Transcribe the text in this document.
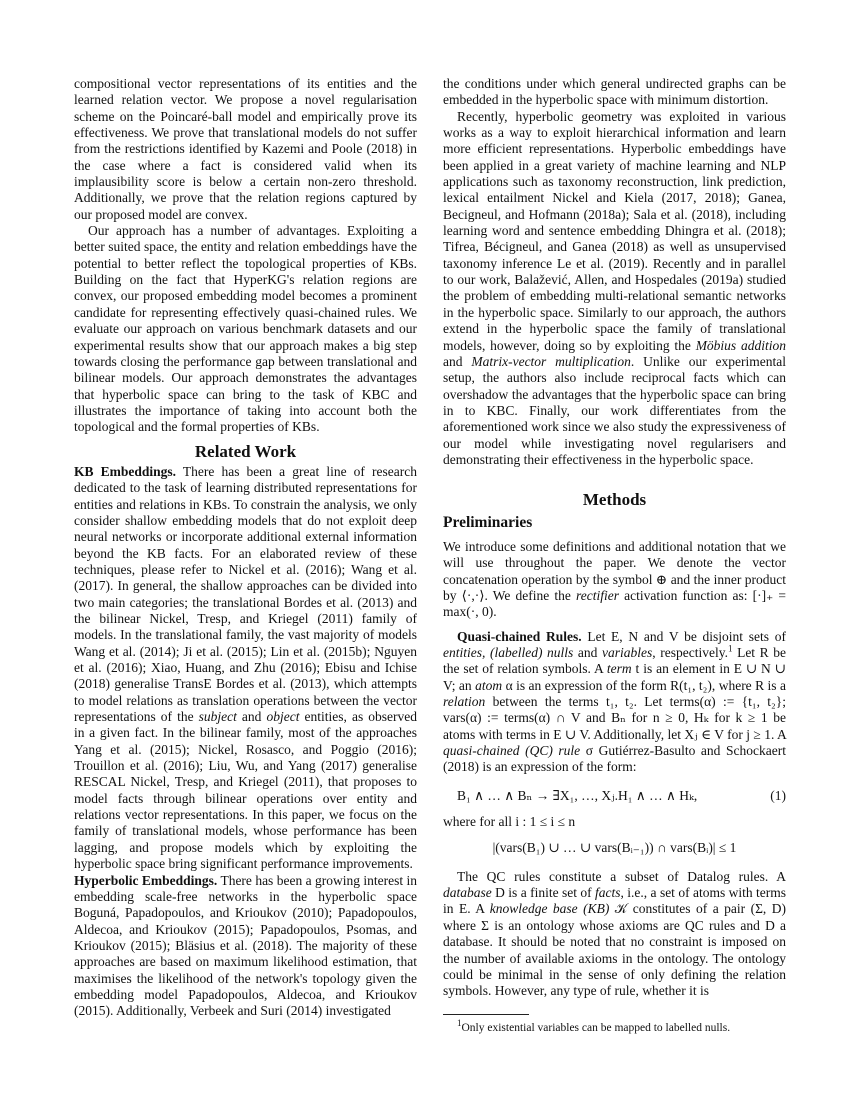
compositional vector representations of its entities and the learned relation vector. We propose a novel regularisation scheme on the Poincaré-ball model and empirically prove its effectiveness. We prove that translational models do not suffer from the restrictions identified by Kazemi and Poole (2018) in the case where a fact is considered valid when its implausibility score is below a certain non-zero threshold. Additionally, we prove that the relation regions captured by our proposed model are convex.

Our approach has a number of advantages. Exploiting a better suited space, the entity and relation embeddings have the potential to better reflect the topological properties of KBs. Building on the fact that HyperKG's relation regions are convex, our proposed embedding model becomes a prominent candidate for representing effectively quasi-chained rules. We evaluate our approach on various benchmark datasets and our experimental results show that our approach makes a big step towards closing the performance gap between translational and bilinear models. Our approach demonstrates the advantages that hyperbolic space can bring to the task of KBC and illustrates the importance of taking into account both the topological and the formal properties of KBs.

Related Work

KB Embeddings. There has been a great line of research dedicated to the task of learning distributed representations for entities and relations in KBs. To constrain the analysis, we only consider shallow embedding models that do not exploit deep neural networks or incorporate additional external information beyond the KB facts. For an elaborated review of these techniques, please refer to Nickel et al. (2016); Wang et al. (2017). In general, the shallow approaches can be divided into two main categories; the translational Bordes et al. (2013) and the bilinear Nickel, Tresp, and Kriegel (2011) family of models. In the translational family, the vast majority of models Wang et al. (2014); Ji et al. (2015); Lin et al. (2015b); Nguyen et al. (2016); Xiao, Huang, and Zhu (2016); Ebisu and Ichise (2018) generalise TransE Bordes et al. (2013), which attempts to model relations as translation operations between the vector representations of the subject and object entities, as observed in a given fact. In the bilinear family, most of the approaches Yang et al. (2015); Nickel, Rosasco, and Poggio (2016); Trouillon et al. (2016); Liu, Wu, and Yang (2017) generalise RESCAL Nickel, Tresp, and Kriegel (2011), that proposes to model facts through bilinear operations over entity and relations vector representations. In this paper, we focus on the family of translational models, whose performance has been lagging, and propose models which by exploiting the hyperbolic space bring significant performance improvements.

Hyperbolic Embeddings. There has been a growing interest in embedding scale-free networks in the hyperbolic space Boguná, Papadopoulos, and Krioukov (2010); Papadopoulos, Aldecoa, and Krioukov (2015); Papadopoulos, Psomas, and Krioukov (2015); Bläsius et al. (2018). The majority of these approaches are based on maximum likelihood estimation, that maximises the likelihood of the network's topology given the embedding model Papadopoulos, Aldecoa, and Krioukov (2015). Additionally, Verbeek and Suri (2014) investigated

the conditions under which general undirected graphs can be embedded in the hyperbolic space with minimum distortion.

Recently, hyperbolic geometry was exploited in various works as a way to exploit hierarchical information and learn more efficient representations. Hyperbolic embeddings have been applied in a great variety of machine learning and NLP applications such as taxonomy reconstruction, link prediction, lexical entailment Nickel and Kiela (2017, 2018); Ganea, Becigneul, and Hofmann (2018a); Sala et al. (2018), including learning word and sentence embedding Dhingra et al. (2018); Tifrea, Bécigneul, and Ganea (2018) as well as unsupervised taxonomy inference Le et al. (2019). Recently and in parallel to our work, Balažević, Allen, and Hospedales (2019a) studied the problem of embedding multi-relational semantic networks in the hyperbolic space. Similarly to our approach, the authors extend in the hyperbolic space the family of translational models, however, doing so by exploiting the Möbius addition and Matrix-vector multiplication. Unlike our experimental setup, the authors also include reciprocal facts which can overshadow the advantages that the hyperbolic space can bring in to KBC. Finally, our work differentiates from the aforementioned work since we also study the expressiveness of our model while investigating novel regularisers and demonstrating their effectiveness in the hyperbolic space.

Methods
Preliminaries

We introduce some definitions and additional notation that we will use throughout the paper. We denote the vector concatenation operation by the symbol ⊕ and the inner product by ⟨·,·⟩. We define the rectifier activation function as: [·]₊ = max(·, 0).

Quasi-chained Rules. Let E, N and V be disjoint sets of entities, (labelled) nulls and variables, respectively.$^1$ Let R be the set of relation symbols. A term t is an element in E ∪ N ∪ V; an atom α is an expression of the form R(t₁, t₂), where R is a relation between the terms t₁, t₂. Let terms(α) := {t₁, t₂}; vars(α) := terms(α) ∩ V and Bₙ for n ≥ 0, Hₖ for k ≥ 1 be atoms with terms in E ∪ V. Additionally, let Xⱼ ∈ V for j ≥ 1. A quasi-chained (QC) rule σ Gutiérrez-Basulto and Schockaert (2018) is an expression of the form:

B₁ ∧ … ∧ Bₙ → ∃X₁, …, Xⱼ.H₁ ∧ … ∧ Hₖ,	(1)

where for all i : 1 ≤ i ≤ n

|(vars(B₁) ∪ … ∪ vars(Bᵢ₋₁)) ∩ vars(Bᵢ)| ≤ 1

The QC rules constitute a subset of Datalog rules. A database D is a finite set of facts, i.e., a set of atoms with terms in E. A knowledge base (KB) 𝒦 constitutes of a pair (Σ, D) where Σ is an ontology whose axioms are QC rules and D a database. It should be noted that no constraint is imposed on the number of available axioms in the ontology. The ontology could be minimal in the sense of only defining the relation symbols. However, any type of rule, whether it is

$^1$Only existential variables can be mapped to labelled nulls.
